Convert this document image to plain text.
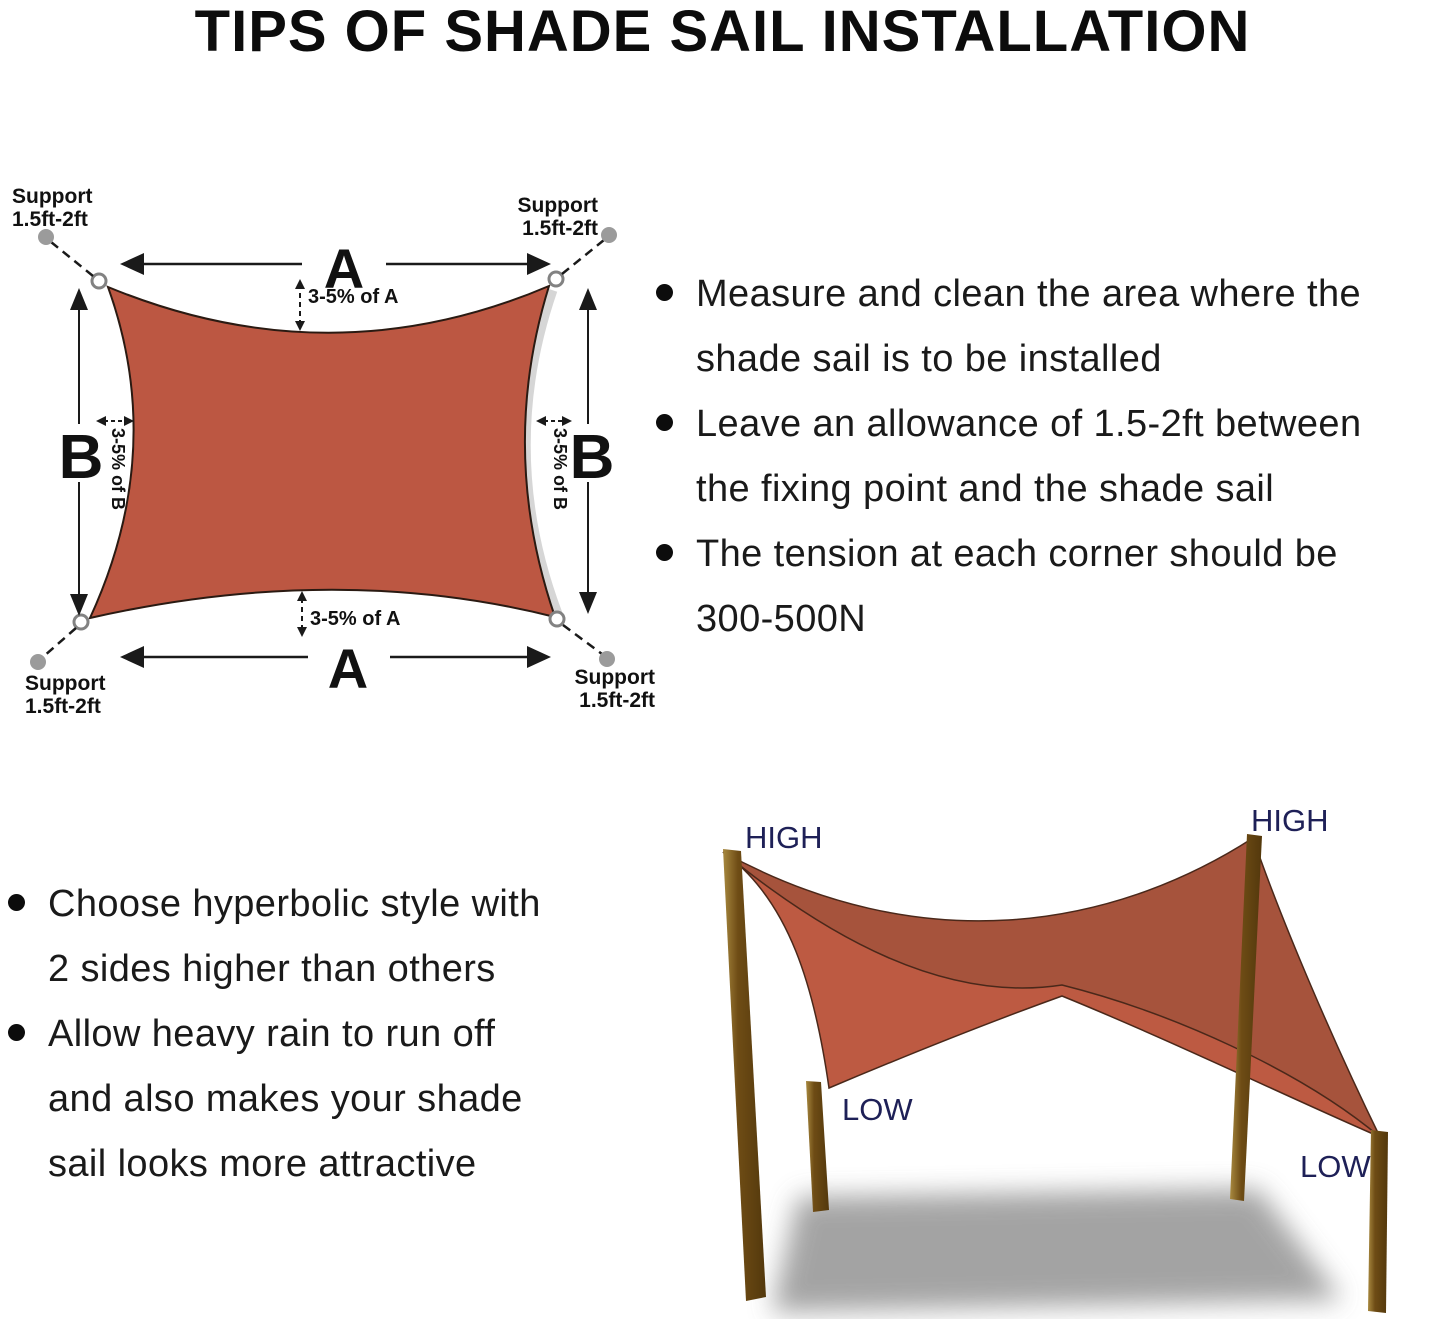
TIPS OF SHADE SAIL INSTALLATION
Support
1.5ft-2ft
Support
1.5ft-2ft
Support
1.5ft-2ft
Support
1.5ft-2ft
A
3-5% of A
B 3-5% of B	B
3-5% of B
3-5% of A
A
Measure and clean the area where the
shade sail is to be installed
Leave an allowance of 1.5-2ft between
the fixing point and the shade sail
The tension at each corner should be
300-500N
Choose hyperbolic style with
2 sides higher than others
Allow heavy rain to run off
and also makes your shade
sail looks more attractive
HIGH	HIGH
LOW
LOW
